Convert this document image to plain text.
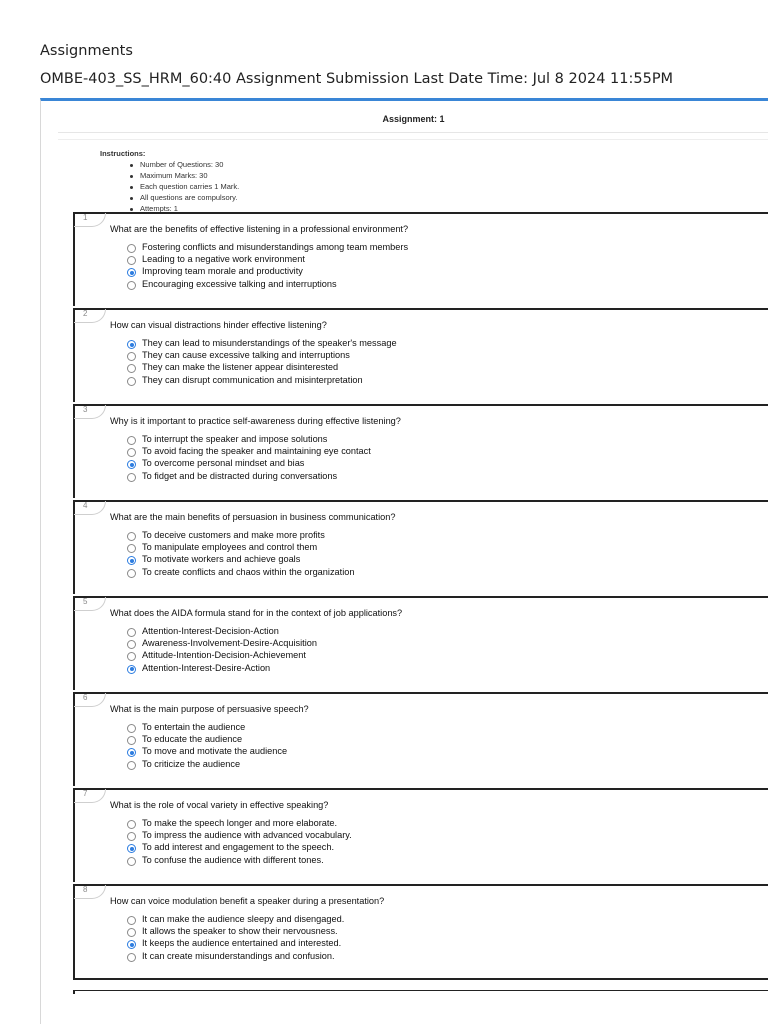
Assignments
OMBE-403_SS_HRM_60:40 Assignment Submission Last Date Time: Jul 8 2024 11:55PM
Assignment: 1
Instructions:
Number of Questions: 30
Maximum Marks: 30
Each question carries 1 Mark.
All questions are compulsory.
Attempts: 1
1
What are the benefits of effective listening in a professional environment?
Fostering conflicts and misunderstandings among team members
Leading to a negative work environment
Improving team morale and productivity
Encouraging excessive talking and interruptions
2
How can visual distractions hinder effective listening?
They can lead to misunderstandings of the speaker's message
They can cause excessive talking and interruptions
They can make the listener appear disinterested
They can disrupt communication and misinterpretation
3
Why is it important to practice self-awareness during effective listening?
To interrupt the speaker and impose solutions
To avoid facing the speaker and maintaining eye contact
To overcome personal mindset and bias
To fidget and be distracted during conversations
4
What are the main benefits of persuasion in business communication?
To deceive customers and make more profits
To manipulate employees and control them
To motivate workers and achieve goals
To create conflicts and chaos within the organization
5
What does the AIDA formula stand for in the context of job applications?
Attention-Interest-Decision-Action
Awareness-Involvement-Desire-Acquisition
Attitude-Intention-Decision-Achievement
Attention-Interest-Desire-Action
6
What is the main purpose of persuasive speech?
To entertain the audience
To educate the audience
To move and motivate the audience
To criticize the audience
7
What is the role of vocal variety in effective speaking?
To make the speech longer and more elaborate.
To impress the audience with advanced vocabulary.
To add interest and engagement to the speech.
To confuse the audience with different tones.
8
How can voice modulation benefit a speaker during a presentation?
It can make the audience sleepy and disengaged.
It allows the speaker to show their nervousness.
It keeps the audience entertained and interested.
It can create misunderstandings and confusion.
